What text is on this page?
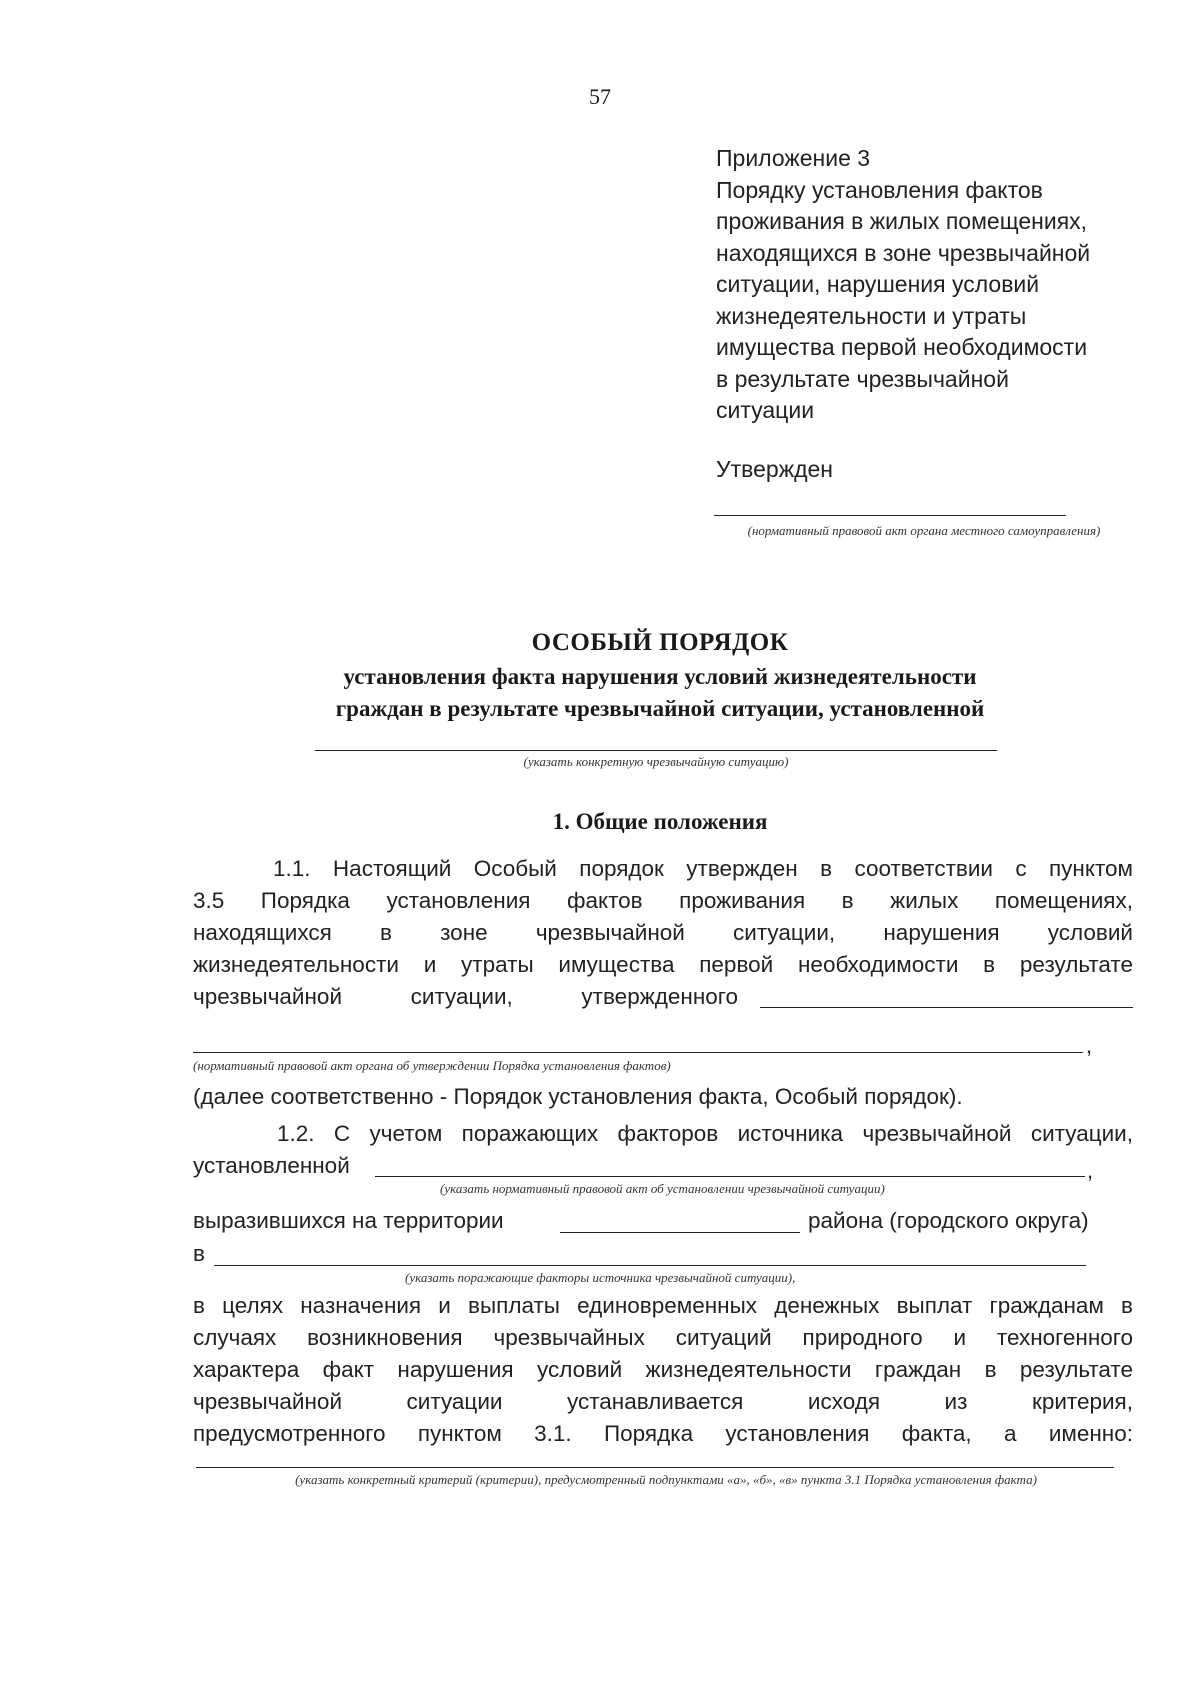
57
Приложение 3
Порядку установления фактов
проживания в жилых помещениях,
находящихся в зоне чрезвычайной
ситуации, нарушения условий
жизнедеятельности и утраты
имущества первой необходимости
в результате чрезвычайной
ситуации
Утвержден
(нормативный правовой акт органа местного самоуправления)
ОСОБЫЙ ПОРЯДОК
установления факта нарушения условий жизнедеятельности
граждан в результате чрезвычайной ситуации, установленной
(указать конкретную чрезвычайную ситуацию)
1. Общие положения
1.1. Настоящий Особый порядок утвержден в соответствии с пунктом
3.5 Порядка установления фактов проживания в жилых помещениях,
находящихся в зоне чрезвычайной ситуации, нарушения условий
жизнедеятельности и утраты имущества первой необходимости в результате
чрезвычайной ситуации, утвержденного
,
(нормативный правовой акт органа об утверждении Порядка установления фактов)
(далее соответственно - Порядок установления факта, Особый порядок).
1.2. С учетом поражающих факторов источника чрезвычайной ситуации,
установленной	,
(указать нормативный правовой акт об установлении чрезвычайной ситуации)
выразившихся на территории	района (городского округа)
в
(указать поражающие факторы источника чрезвычайной ситуации),
в целях назначения и выплаты единовременных денежных выплат гражданам в
случаях возникновения чрезвычайных ситуаций природного и техногенного
характера факт нарушения условий жизнедеятельности граждан в результате
чрезвычайной ситуации устанавливается исходя из критерия,
предусмотренного пунктом 3.1. Порядка установления факта, а именно:
(указать конкретный критерий (критерии), предусмотренный подпунктами «а», «б», «в» пункта 3.1 Порядка установления факта)
